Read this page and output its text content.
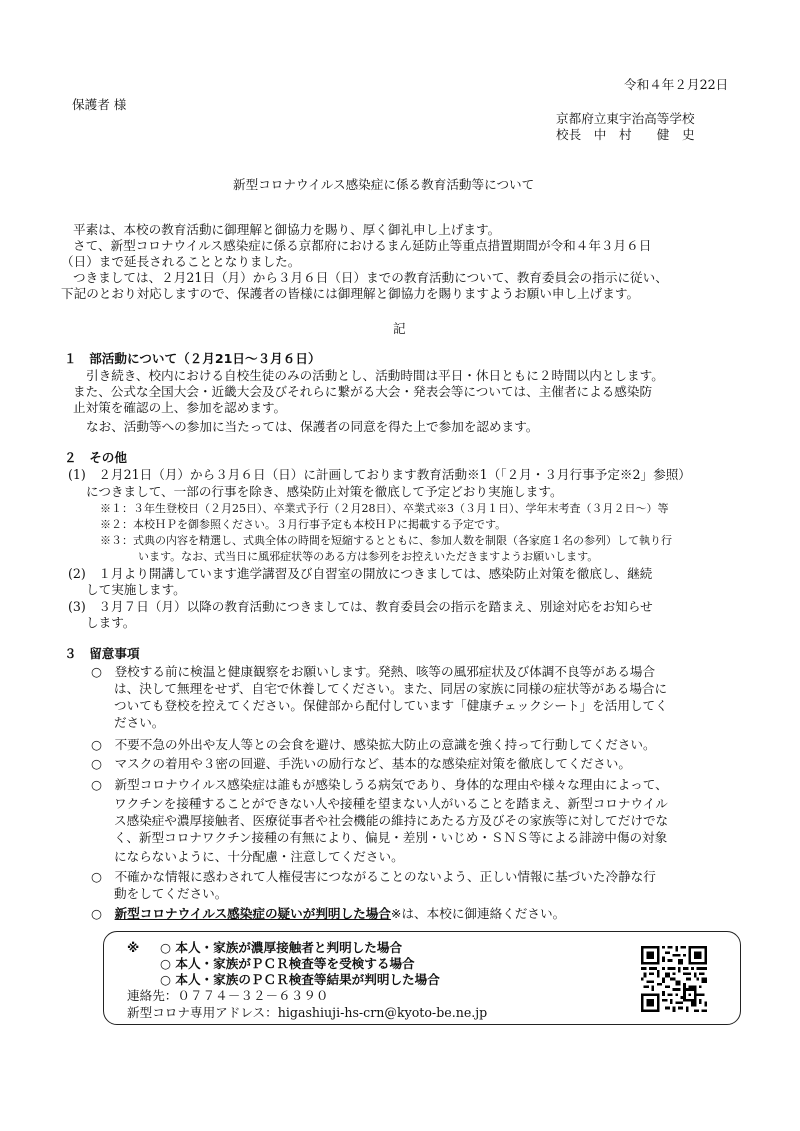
令和４年２月22日
保護者 様
京都府立東宇治高等学校
校長　中　村　　健　史
新型コロナウイルス感染症に係る教育活動等について
平素は、本校の教育活動に御理解と御協力を賜り、厚く御礼申し上げます。
さて、新型コロナウイルス感染症に係る京都府におけるまん延防止等重点措置期間が令和４年３月６日
（日）まで延長されることとなりました。
つきましては、２月21日（月）から３月６日（日）までの教育活動について、教育委員会の指示に従い、
下記のとおり対応しますので、保護者の皆様には御理解と御協力を賜りますようお願い申し上げます。
記
１　部活動について（２月21日～３月６日）
引き続き、校内における自校生徒のみの活動とし、活動時間は平日・休日ともに２時間以内とします。
また、公式な全国大会・近畿大会及びそれらに繋がる大会・発表会等については、主催者による感染防
止対策を確認の上、参加を認めます。
なお、活動等への参加に当たっては、保護者の同意を得た上で参加を認めます。
２　その他
(1)　２月21日（月）から３月６日（日）に計画しております教育活動※1（「２月・３月行事予定※2」参照）
につきまして、一部の行事を除き、感染防止対策を徹底して予定どおり実施します。
※１：３年生登校日（２月25日）、卒業式予行（２月28日）、卒業式※3（３月１日）、学年末考査（３月２日～）等
※２：本校ＨＰを御参照ください。３月行事予定も本校ＨＰに掲載する予定です。
※３：式典の内容を精選し、式典全体の時間を短縮するとともに、参加人数を制限（各家庭１名の参列）して執り行
います。なお、式当日に風邪症状等のある方は参列をお控えいただきますようお願いします。
(2)　１月より開講しています進学講習及び自習室の開放につきましては、感染防止対策を徹底し、継続
して実施します。
(3)　３月７日（月）以降の教育活動につきましては、教育委員会の指示を踏まえ、別途対応をお知らせ
します。
３　留意事項
○　登校する前に検温と健康観察をお願いします。発熱、咳等の風邪症状及び体調不良等がある場合
は、決して無理をせず、自宅で休養してください。また、同居の家族に同様の症状等がある場合に
ついても登校を控えてください。保健部から配付しています「健康チェックシート」を活用してく
ださい。
○　不要不急の外出や友人等との会食を避け、感染拡大防止の意識を強く持って行動してください。
○　マスクの着用や３密の回避、手洗いの励行など、基本的な感染症対策を徹底してください。
○　新型コロナウイルス感染症は誰もが感染しうる病気であり、身体的な理由や様々な理由によって、
ワクチンを接種することができない人や接種を望まない人がいることを踏まえ、新型コロナウイル
ス感染症や濃厚接触者、医療従事者や社会機能の維持にあたる方及びその家族等に対してだけでな
く、新型コロナワクチン接種の有無により、偏見・差別・いじめ・ＳＮＳ等による誹謗中傷の対象
にならないように、十分配慮・注意してください。
○　不確かな情報に惑わされて人権侵害につながることのないよう、正しい情報に基づいた冷静な行
動をしてください。
○　新型コロナウイルス感染症の疑いが判明した場合※は、本校に御連絡ください。
※ ○ 本人・家族が濃厚接触者と判明した場合
○ 本人・家族がＰＣＲ検査等を受検する場合
○ 本人・家族のＰＣＲ検査等結果が判明した場合
連絡先：０７７４－３２－６３９０
新型コロナ専用アドレス：higashiuji-hs-crn@kyoto-be.ne.jp
